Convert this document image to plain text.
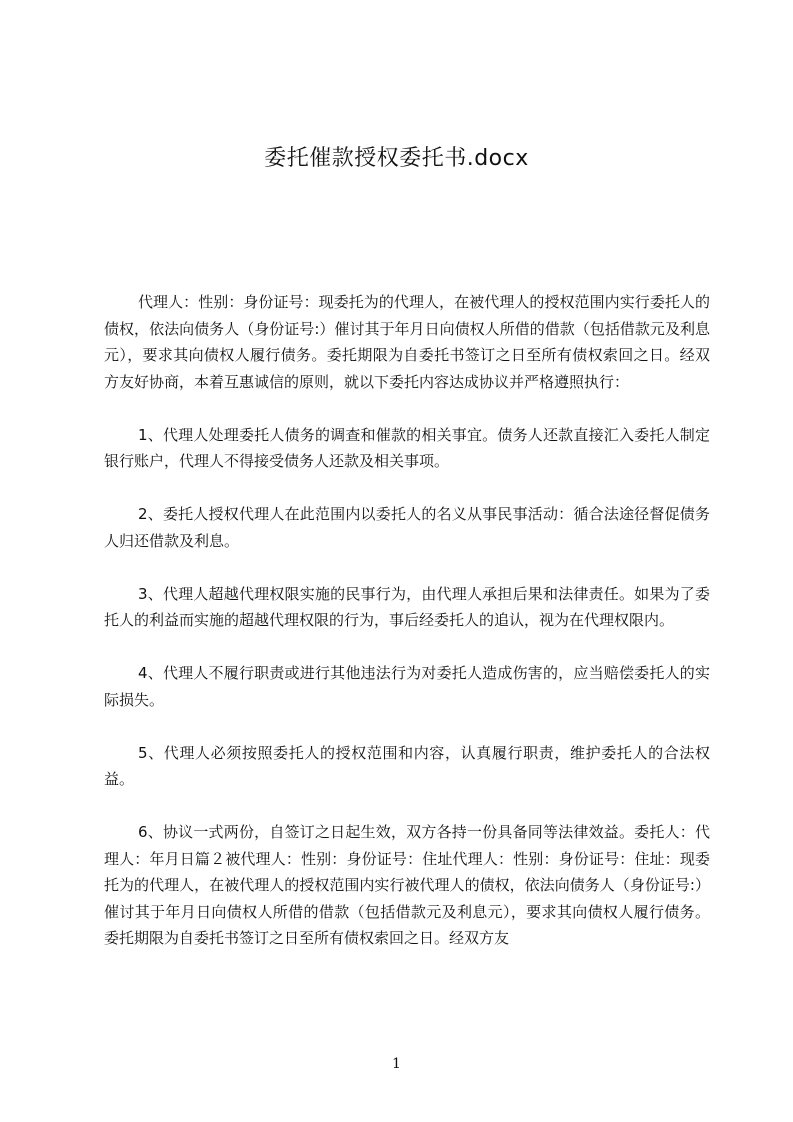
委托催款授权委托书.docx

代理人：性别：身份证号：现委托为的代理人，在被代理人的授权范围内实行委托人的债权，依法向债务人（身份证号:）催讨其于年月日向债权人所借的借款（包括借款元及利息元），要求其向债权人履行债务。委托期限为自委托书签订之日至所有债权索回之日。经双方友好协商，本着互惠诚信的原则，就以下委托内容达成协议并严格遵照执行：

1、代理人处理委托人债务的调查和催款的相关事宜。债务人还款直接汇入委托人制定银行账户，代理人不得接受债务人还款及相关事项。

2、委托人授权代理人在此范围内以委托人的名义从事民事活动：循合法途径督促债务人归还借款及利息。

3、代理人超越代理权限实施的民事行为，由代理人承担后果和法律责任。如果为了委托人的利益而实施的超越代理权限的行为，事后经委托人的追认，视为在代理权限内。

4、代理人不履行职责或进行其他违法行为对委托人造成伤害的，应当赔偿委托人的实际损失。

5、代理人必须按照委托人的授权范围和内容，认真履行职责，维护委托人的合法权益。

6、协议一式两份，自签订之日起生效，双方各持一份具备同等法律效益。委托人：代理人：年月日篇２被代理人：性别：身份证号：住址代理人：性别：身份证号：住址：现委托为的代理人，在被代理人的授权范围内实行被代理人的债权，依法向债务人（身份证号:）催讨其于年月日向债权人所借的借款（包括借款元及利息元），要求其向债权人履行债务。委托期限为自委托书签订之日至所有债权索回之日。经双方友

1
